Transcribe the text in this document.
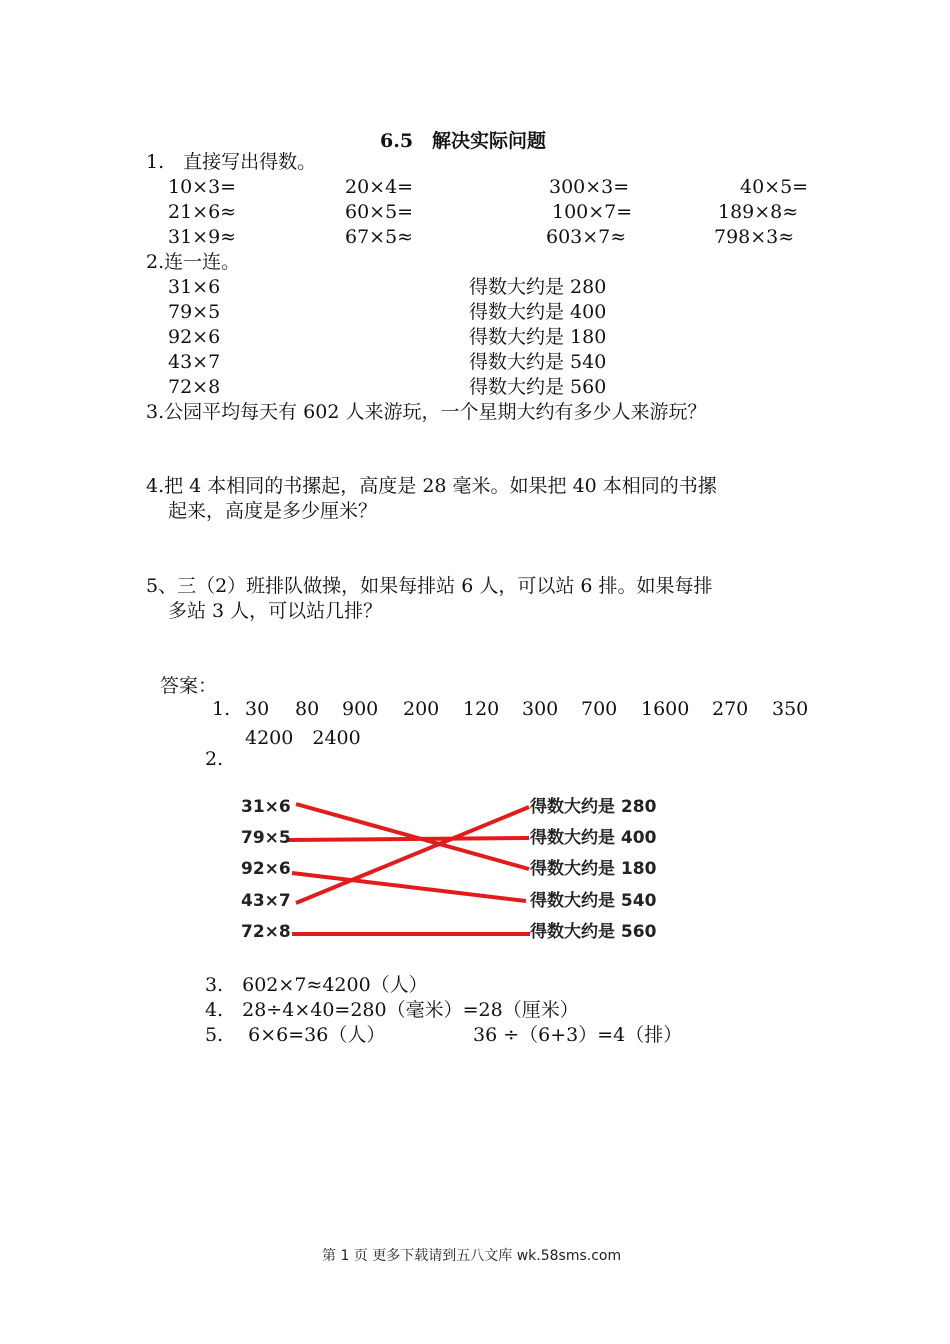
6.5　解决实际问题
1.　直接写出得数。
10×3=	20×4=	300×3=	40×5=
21×6≈	60×5=	100×7=	189×8≈
31×9≈	67×5≈	603×7≈	798×3≈
2.连一连。
31×6
79×5
92×6
43×7
72×8
得数大约是 280
得数大约是 400
得数大约是 180
得数大约是 540
得数大约是 560
3.公园平均每天有 602 人来游玩，一个星期大约有多少人来游玩？
4.把 4 本相同的书摞起，高度是 28 毫米。如果把 40 本相同的书摞
起来，高度是多少厘米？
5、三（2）班排队做操，如果每排站 6 人，可以站 6 排。如果每排
多站 3 人，可以站几排？
答案：
1. 30 80 900 200 120 300 700 1600 270 350
4200　2400
2.
31×6
79×5
92×6
43×7
72×8
得数大约是 280
得数大约是 400
得数大约是 180
得数大约是 540
得数大约是 560
3.　602×7≈4200（人）
4.　28÷4×40=280（毫米）=28（厘米）
5.　 6×6=36（人）	36 ÷（6+3）=4（排）
第 1 页 更多下载请到五八文库 wk.58sms.com
